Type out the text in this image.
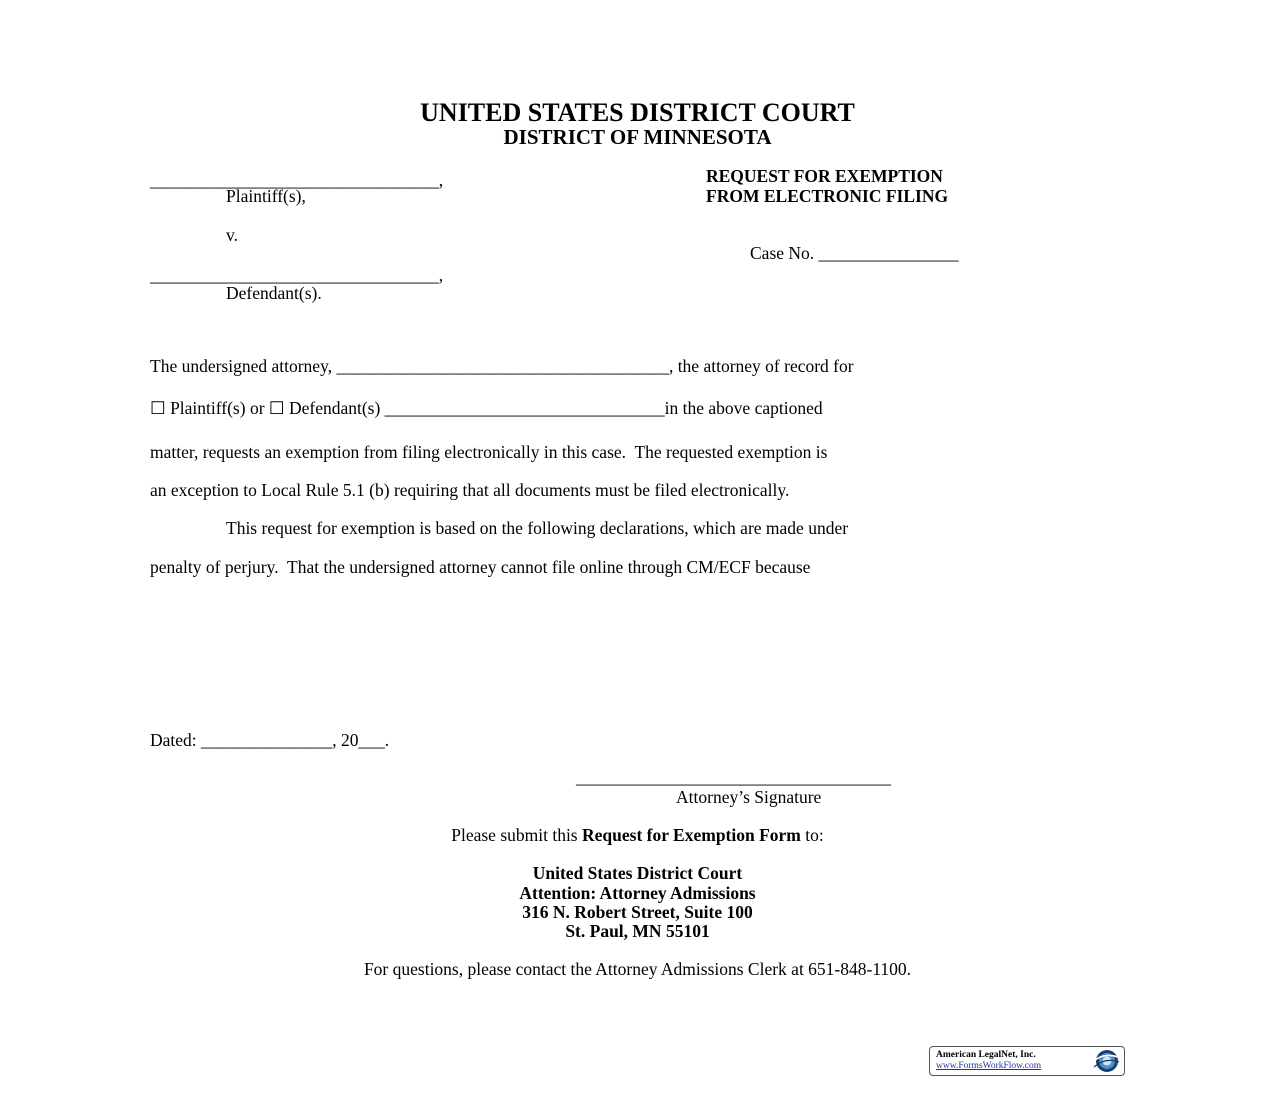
UNITED STATES DISTRICT COURT
DISTRICT OF MINNESOTA
_________________________________,
Plaintiff(s),
v.
_________________________________,
Defendant(s).
REQUEST FOR EXEMPTION
FROM ELECTRONIC FILING
Case No. ________________
The undersigned attorney, ______________________________________, the attorney of record for
☐ Plaintiff(s) or ☐ Defendant(s) ________________________________in the above captioned
matter, requests an exemption from filing electronically in this case.  The requested exemption is
an exception to Local Rule 5.1 (b) requiring that all documents must be filed electronically.
This request for exemption is based on the following declarations, which are made under
penalty of perjury.  That the undersigned attorney cannot file online through CM/ECF because
Dated: _______________, 20___.
____________________________________
Attorney’s Signature
Please submit this Request for Exemption Form to:
United States District Court
Attention: Attorney Admissions
316 N. Robert Street, Suite 100
St. Paul, MN 55101
For questions, please contact the Attorney Admissions Clerk at 651-848-1100.
American LegalNet, Inc.
www.FormsWorkFlow.com
